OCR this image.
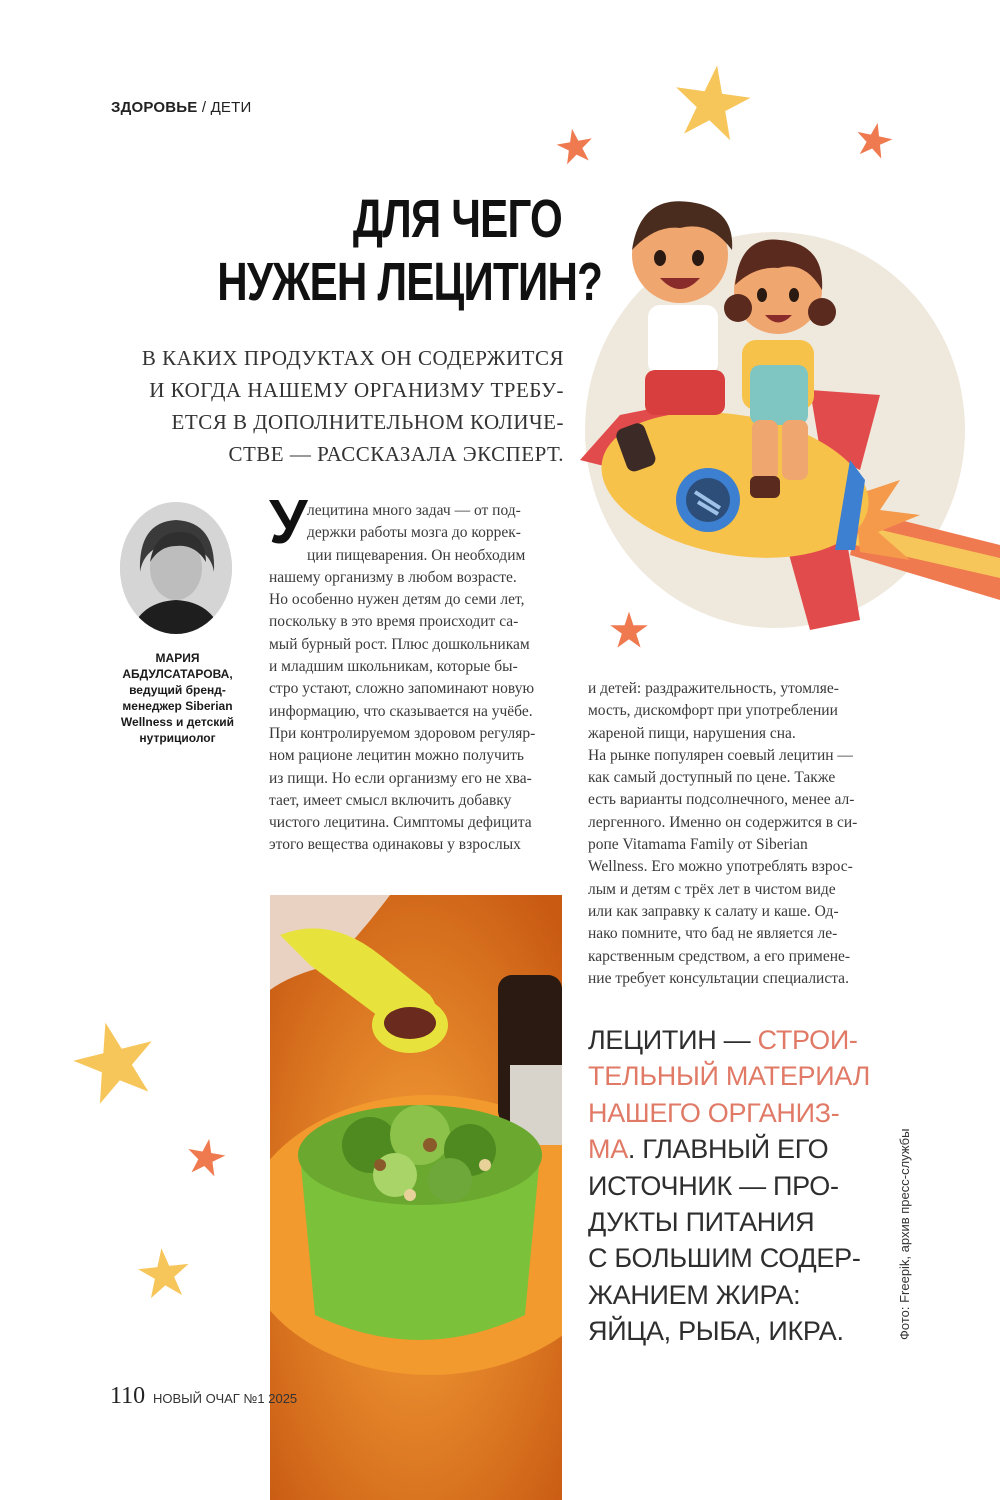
ЗДОРОВЬЕ / ДЕТИ
ДЛЯ ЧЕГО
НУЖЕН ЛЕЦИТИН?
В КАКИХ ПРОДУКТАХ ОН СОДЕРЖИТСЯ
И КОГДА НАШЕМУ ОРГАНИЗМУ ТРЕБУ-
ЕТСЯ В ДОПОЛНИТЕЛЬНОМ КОЛИЧЕ-
СТВЕ — РАССКАЗАЛА ЭКСПЕРТ.
МАРИЯ
АБДУЛСАТАРОВА,
ведущий бренд-
менеджер Siberian
Wellness и детский
нутрициолог
У лецитина много задач — от под-
держки работы мозга до коррек-
ции пищеварения. Он необходим
нашему организму в любом возрасте.
Но особенно нужен детям до семи лет,
поскольку в это время происходит са-
мый бурный рост. Плюс дошкольникам
и младшим школьникам, которые бы-
стро устают, сложно запоминают новую
информацию, что сказывается на учёбе.
При контролируемом здоровом регуляр-
ном рационе лецитин можно получить
из пищи. Но если организму его не хва-
тает, имеет смысл включить добавку
чистого лецитина. Симптомы дефицита
этого вещества одинаковы у взрослых
и детей: раздражительность, утомляе-
мость, дискомфорт при употреблении
жареной пищи, нарушения сна.
На рынке популярен соевый лецитин —
как самый доступный по цене. Также
есть варианты подсолнечного, менее ал-
лергенного. Именно он содержится в си-
ропе Vitamama Family от Siberian
Wellness. Его можно употреблять взрос-
лым и детям с трёх лет в чистом виде
или как заправку к салату и каше. Од-
нако помните, что бад не является ле-
карственным средством, а его примене-
ние требует консультации специалиста.
ЛЕЦИТИН — СТРОИ-
ТЕЛЬНЫЙ МАТЕРИАЛ
НАШЕГО ОРГАНИЗ-
МА. ГЛАВНЫЙ ЕГО
ИСТОЧНИК — ПРО-
ДУКТЫ ПИТАНИЯ
С БОЛЬШИМ СОДЕР-
ЖАНИЕМ ЖИРА:
ЯЙЦА, РЫБА, ИКРА.	Фото: Freepik, архив пресс-службы
110 НОВЫЙ ОЧАГ №1 2025
